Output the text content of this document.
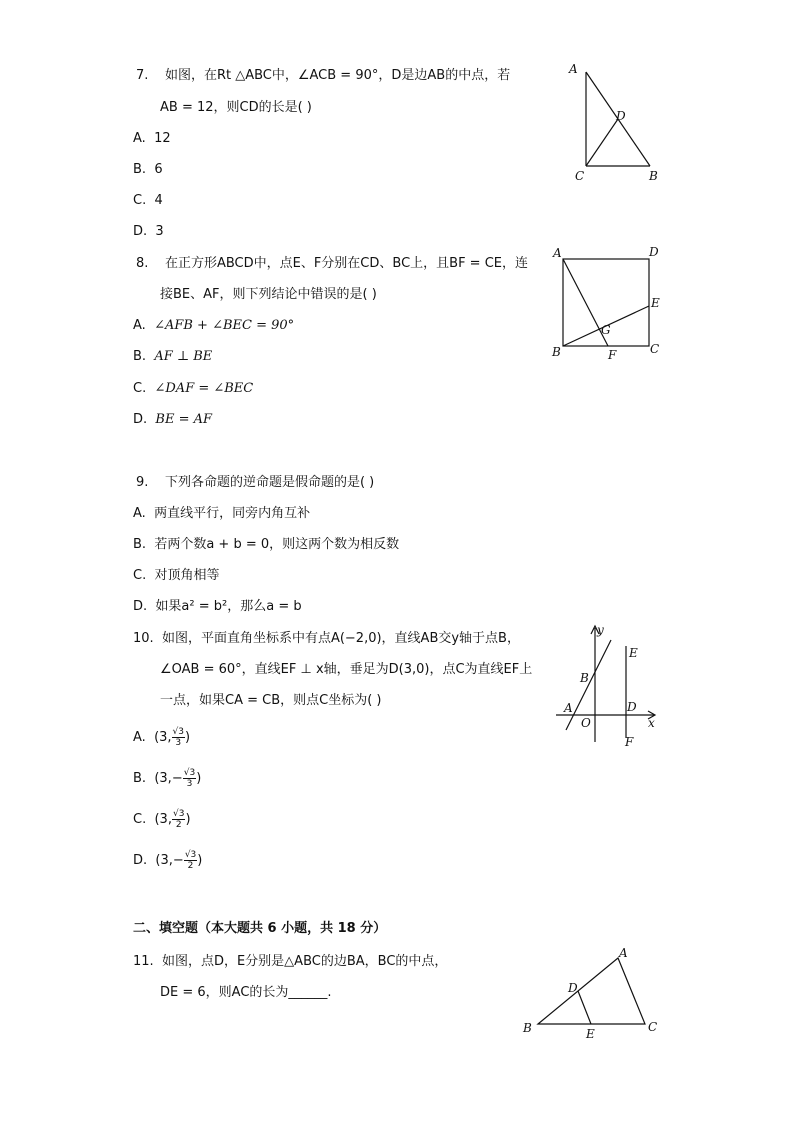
7. 如图，在Rt △ABC中，∠ACB = 90°，D是边AB的中点，若
AB = 12，则CD的长是( )
A. 12
B. 6
C. 4
D. 3
A
D
C	B
8. 在正方形ABCD中，点E、F分别在CD、BC上，且BF = CE，连
接BE、AF，则下列结论中错误的是( )
A. ∠AFB + ∠BEC = 90°
B. AF ⊥ BE
C. ∠DAF = ∠BEC
D. BE = AF
A	D
E
G
B	F	C
9. 下列各命题的逆命题是假命题的是( )
A. 两直线平行，同旁内角互补
B. 若两个数a + b = 0，则这两个数为相反数
C. 对顶角相等
D. 如果a² = b²，那么a = b
10. 如图，平面直角坐标系中有点A(−2,0)，直线AB交y轴于点B，
∠OAB = 60°，直线EF ⊥ x轴，垂足为D(3,0)，点C为直线EF上
一点，如果CA = CB，则点C坐标为( )
A. (3, $\frac{√3}{3}$ )
B. ($3,- \frac{√3}{3}$ )
C. (3, $\frac{√3}{2}$ )
D. ($3,- \frac{√3}{2}$ )
y
x
E
B
A	D
O
F
二、填空题（本大题共 6 小题，共 18 分）
11. 如图，点D，E分别是△ABC的边BA，BC的中点，
DE = 6，则AC的长为______.
A
D
B	E	C
